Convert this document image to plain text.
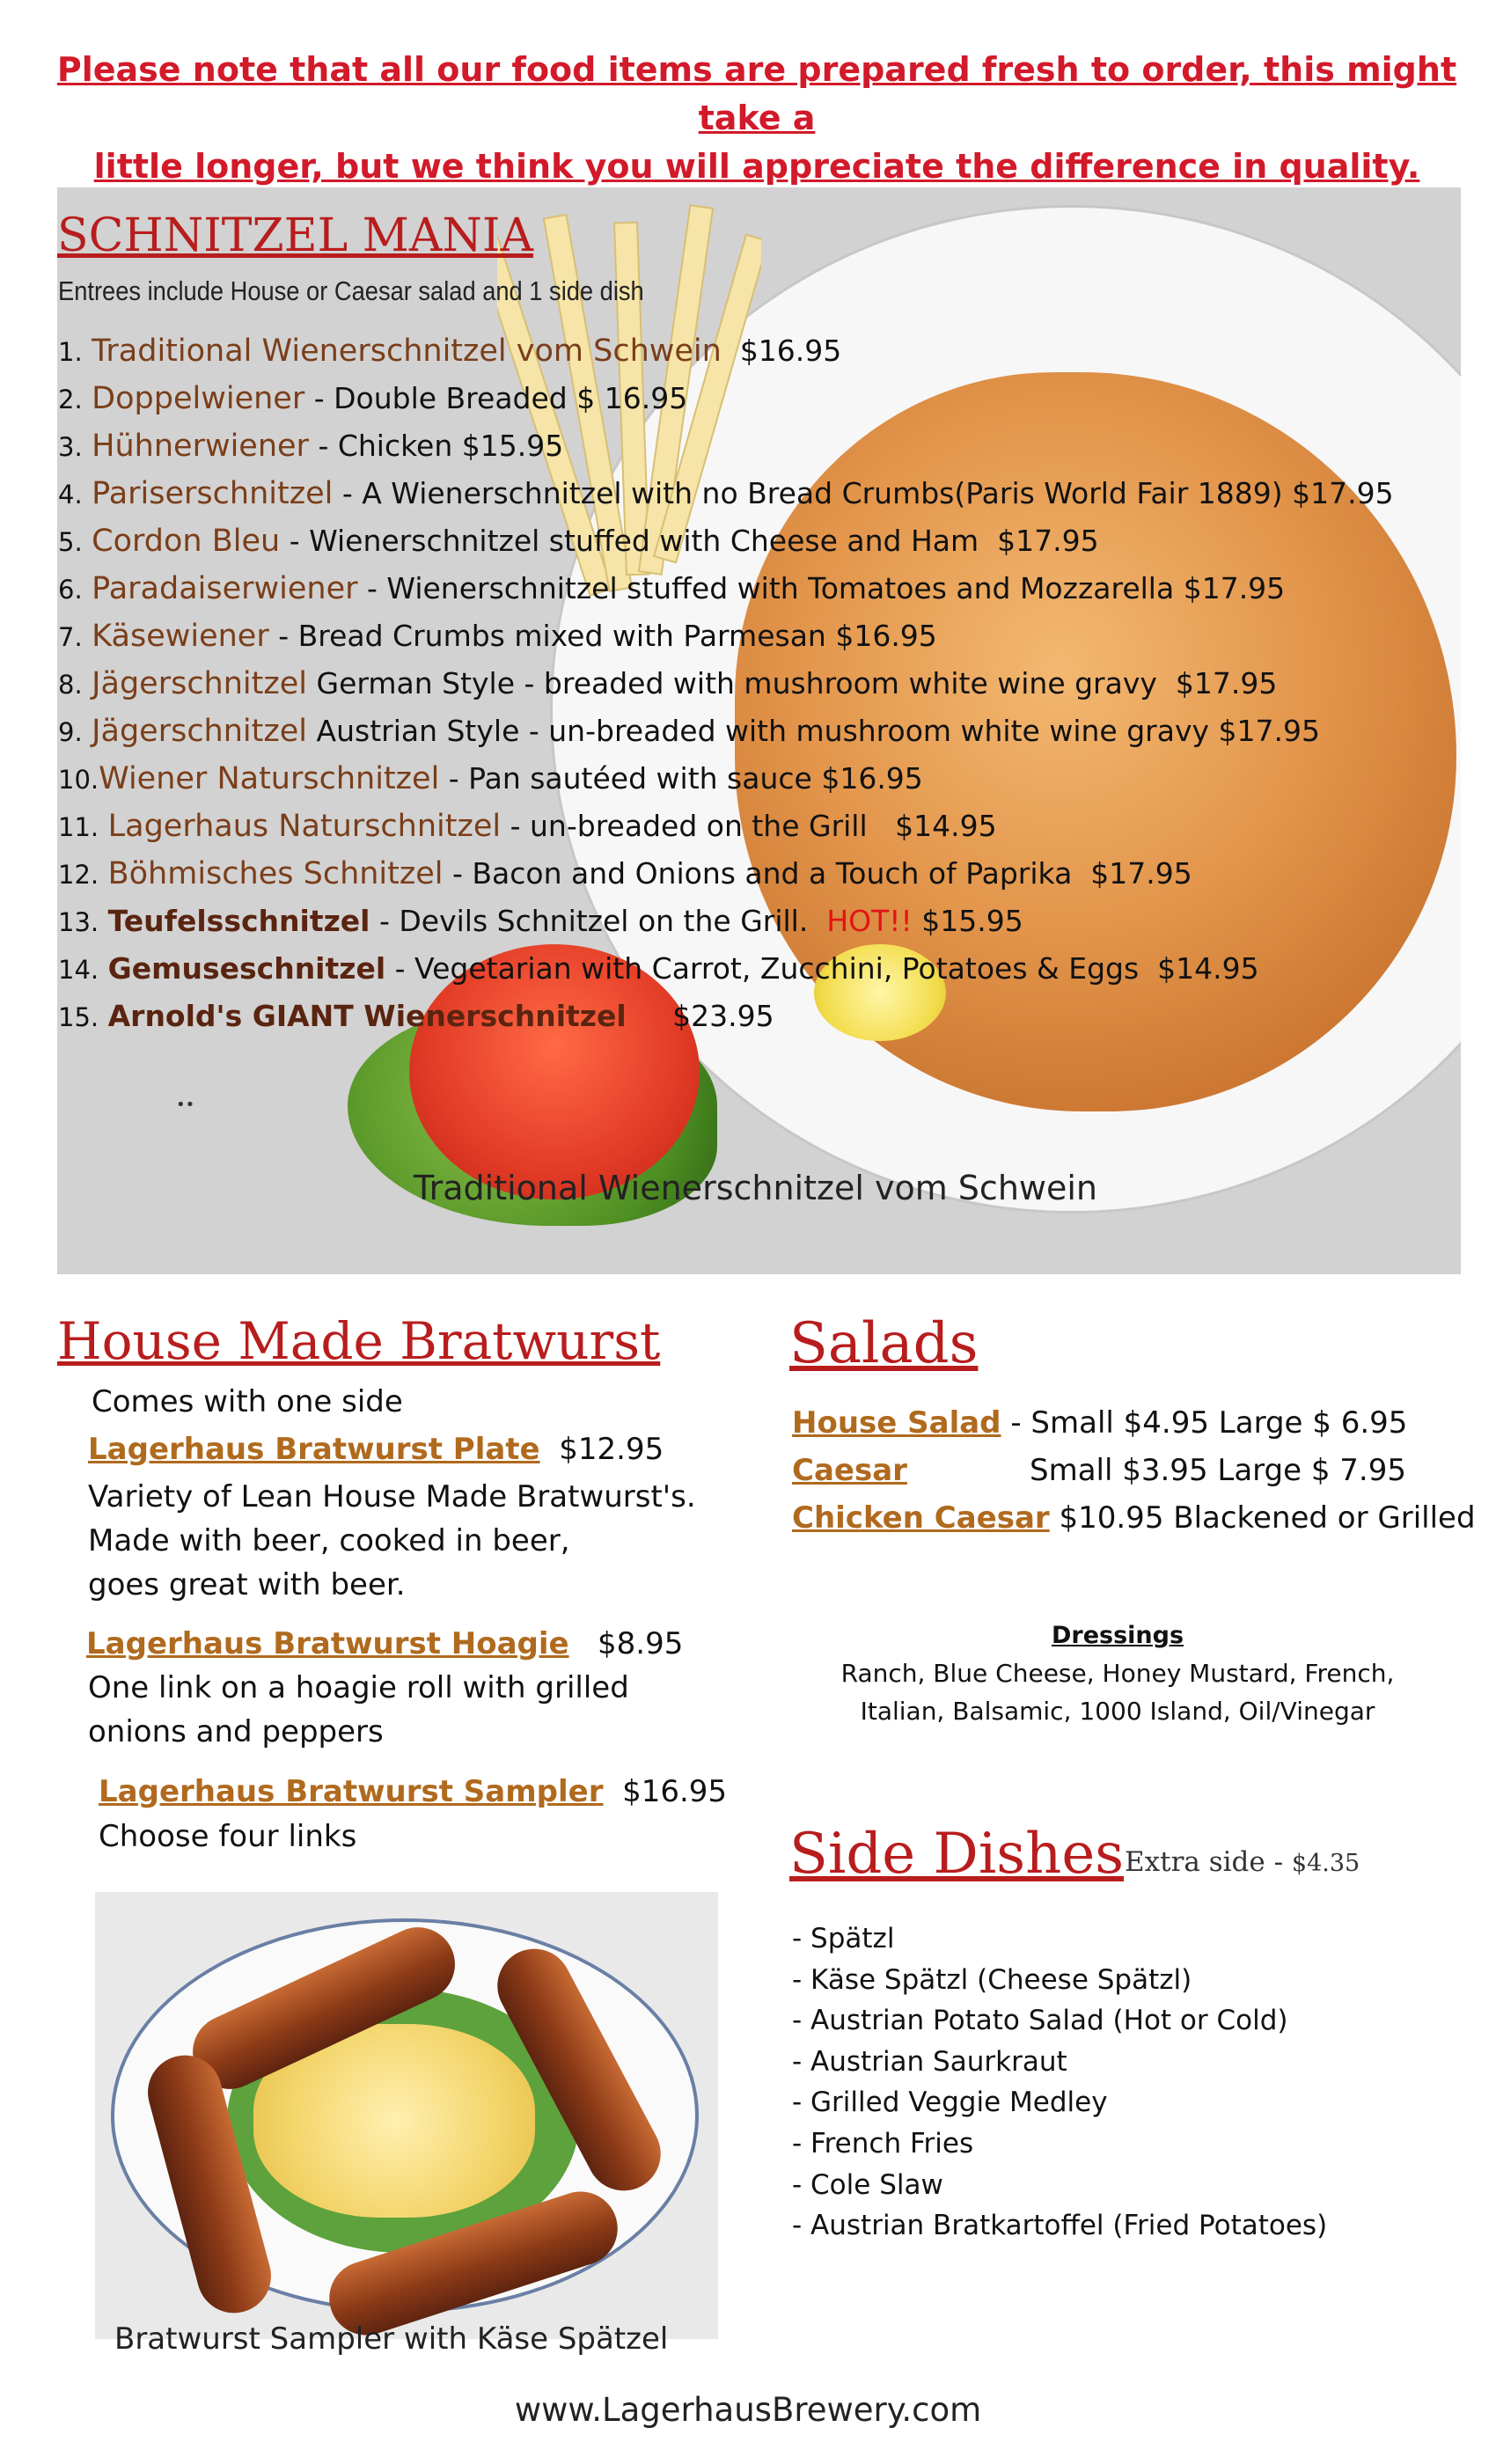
Please note that all our food items are prepared fresh to order, this might take a
little longer, but we think you will appreciate the difference in quality.
SCHNITZEL MANIA
Entrees include House or Caesar salad and 1 side dish
1. Traditional Wienerschnitzel vom Schwein $16.95
2. Doppelwiener - Double Breaded $ 16.95
3. Hühnerwiener - Chicken $15.95
4. Pariserschnitzel - A Wienerschnitzel with no Bread Crumbs(Paris World Fair 1889) $17.95
5. Cordon Bleu - Wienerschnitzel stuffed with Cheese and Ham $17.95
6. Paradaiserwiener - Wienerschnitzel stuffed with Tomatoes and Mozzarella $17.95
7. Käsewiener - Bread Crumbs mixed with Parmesan $16.95
8. Jägerschnitzel German Style - breaded with mushroom white wine gravy $17.95
9. Jägerschnitzel Austrian Style - un-breaded with mushroom white wine gravy $17.95
10.Wiener Naturschnitzel - Pan sautéed with sauce $16.95
11. Lagerhaus Naturschnitzel - un-breaded on the Grill $14.95
12. Böhmisches Schnitzel - Bacon and Onions and a Touch of Paprika $17.95
13. Teufelsschnitzel - Devils Schnitzel on the Grill. HOT!! $15.95
14. Gemuseschnitzel - Vegetarian with Carrot, Zucchini, Potatoes & Eggs $14.95
15. Arnold's GIANT Wienerschnitzel $23.95
••
Traditional Wienerschnitzel vom Schwein
House Made Bratwurst
Comes with one side
Lagerhaus Bratwurst Plate $12.95
Variety of Lean House Made Bratwurst's.
Made with beer, cooked in beer,
goes great with beer.
Lagerhaus Bratwurst Hoagie $8.95
One link on a hoagie roll with grilled
onions and peppers
Lagerhaus Bratwurst Sampler $16.95
Choose four links
Bratwurst Sampler with Käse Spätzel
Salads
House Salad - Small $4.95 Large $ 6.95
Caesar	Small $3.95 Large $ 7.95
Chicken Caesar $10.95 Blackened or Grilled
Dressings
Ranch, Blue Cheese, Honey Mustard, French,
Italian, Balsamic, 1000 Island, Oil/Vinegar
Side Dishes Extra side - $4.35
- Spätzl
- Käse Spätzl (Cheese Spätzl)
- Austrian Potato Salad (Hot or Cold)
- Austrian Saurkraut
- Grilled Veggie Medley
- French Fries
- Cole Slaw
- Austrian Bratkartoffel (Fried Potatoes)
www.LagerhausBrewery.com
